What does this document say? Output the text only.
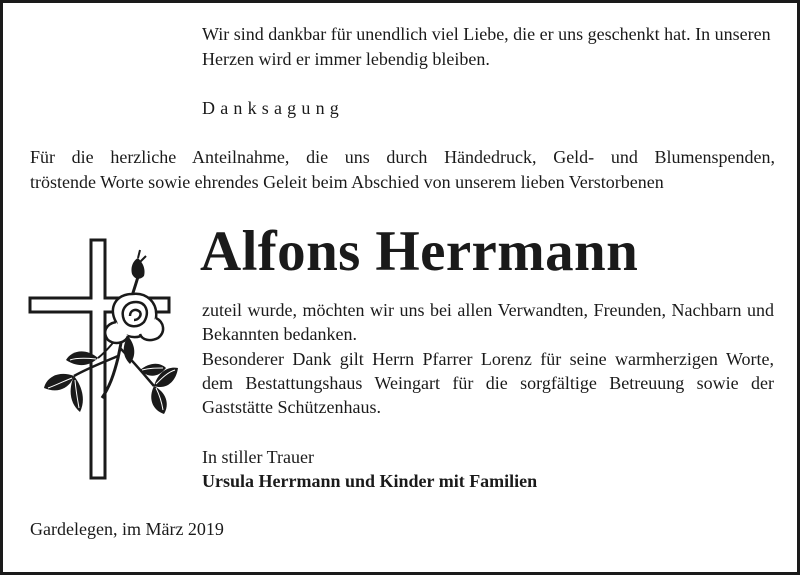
Wir sind dankbar für unendlich viel Liebe, die er uns geschenkt hat. In unseren Herzen wird er immer lebendig bleiben.

Danksagung

Für die herzliche Anteilnahme, die uns durch Händedruck, Geld- und Blumenspenden,

tröstende Worte sowie ehrendes Geleit beim Abschied von unserem lieben Verstorbenen

Alfons Herrmann

zuteil wurde, möchten wir uns bei allen Verwandten, Freunden, Nachbarn und Bekannten bedanken.

Besonderer Dank gilt Herrn Pfarrer Lorenz für seine warmherzigen Worte, dem Bestattungshaus Weingart für die sorgfältige Betreuung sowie der Gaststätte Schützenhaus.

In stiller Trauer

Ursula Herrmann und Kinder mit Familien

Gardelegen, im März 2019
